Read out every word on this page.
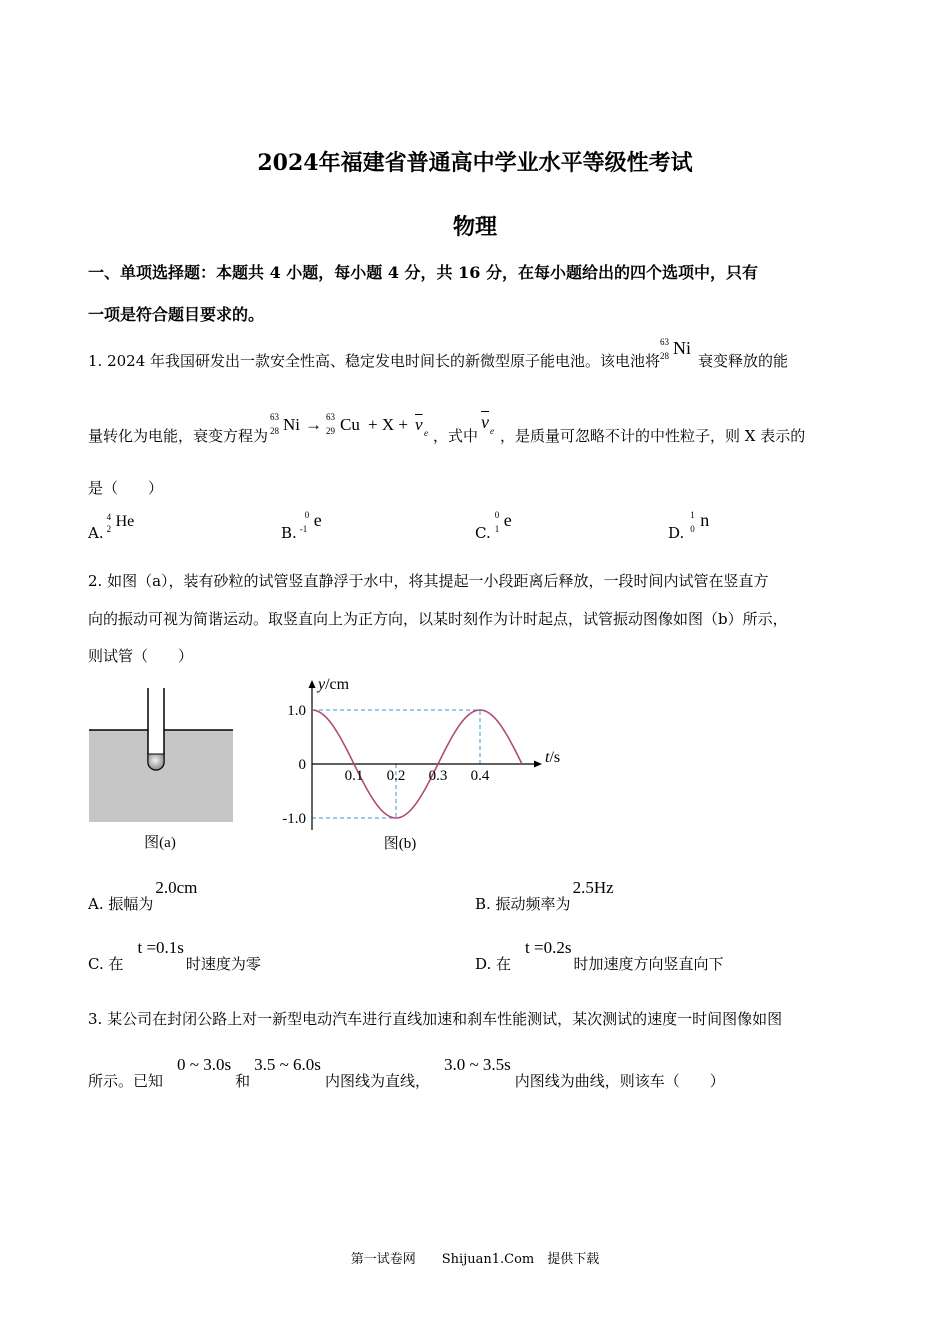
2024年福建省普通高中学业水平等级性考试
物理
一、单项选择题：本题共 4 小题，每小题 4 分，共 16 分，在每小题给出的四个选项中，只有
一项是符合题目要求的。
1. 2024 年我国研发出一款安全性高、稳定发电时间长的新微型原子能电池。该电池将
63
28 Ni
衰变释放的能
量转化为电能，衰变方程为
63
28 Ni → 63
29 $Cu + X + \overline{v}$ e ，式中
$\overline{v}$ e ，是质量可忽略不计的中性粒子，则 X 表示的
是（　　）
A.
4
2 He
B.
0
-1 e
C.
0
1 e
D.
1
0 n
2. 如图（a），装有砂粒的试管竖直静浮于水中，将其提起一小段距离后释放，一段时间内试管在竖直方
向的振动可视为简谐运动。取竖直向上为正方向，以某时刻作为计时起点，试管振动图像如图（b）所示，
则试管（　　）
图(a)
0.1 0.2 0.3 0.4
1.0
0
-1.0
y/cm
t/s
图(b)
A. 振幅为2.0cm
B. 振动频率为2.5Hz
C. 在t =0.1s时速度为零	D. 在t =0.2s时加速度方向竖直向下
3. 某公司在封闭公路上对一新型电动汽车进行直线加速和刹车性能测试，某次测试的速度一时间图像如图
所示。已知0 ~ 3.0s和3.5 ~ 6.0s内图线为直线，3.0 ~ 3.5s内图线为曲线，则该车（　　）
第一试卷网　　Shijuan1.Com　提供下载
